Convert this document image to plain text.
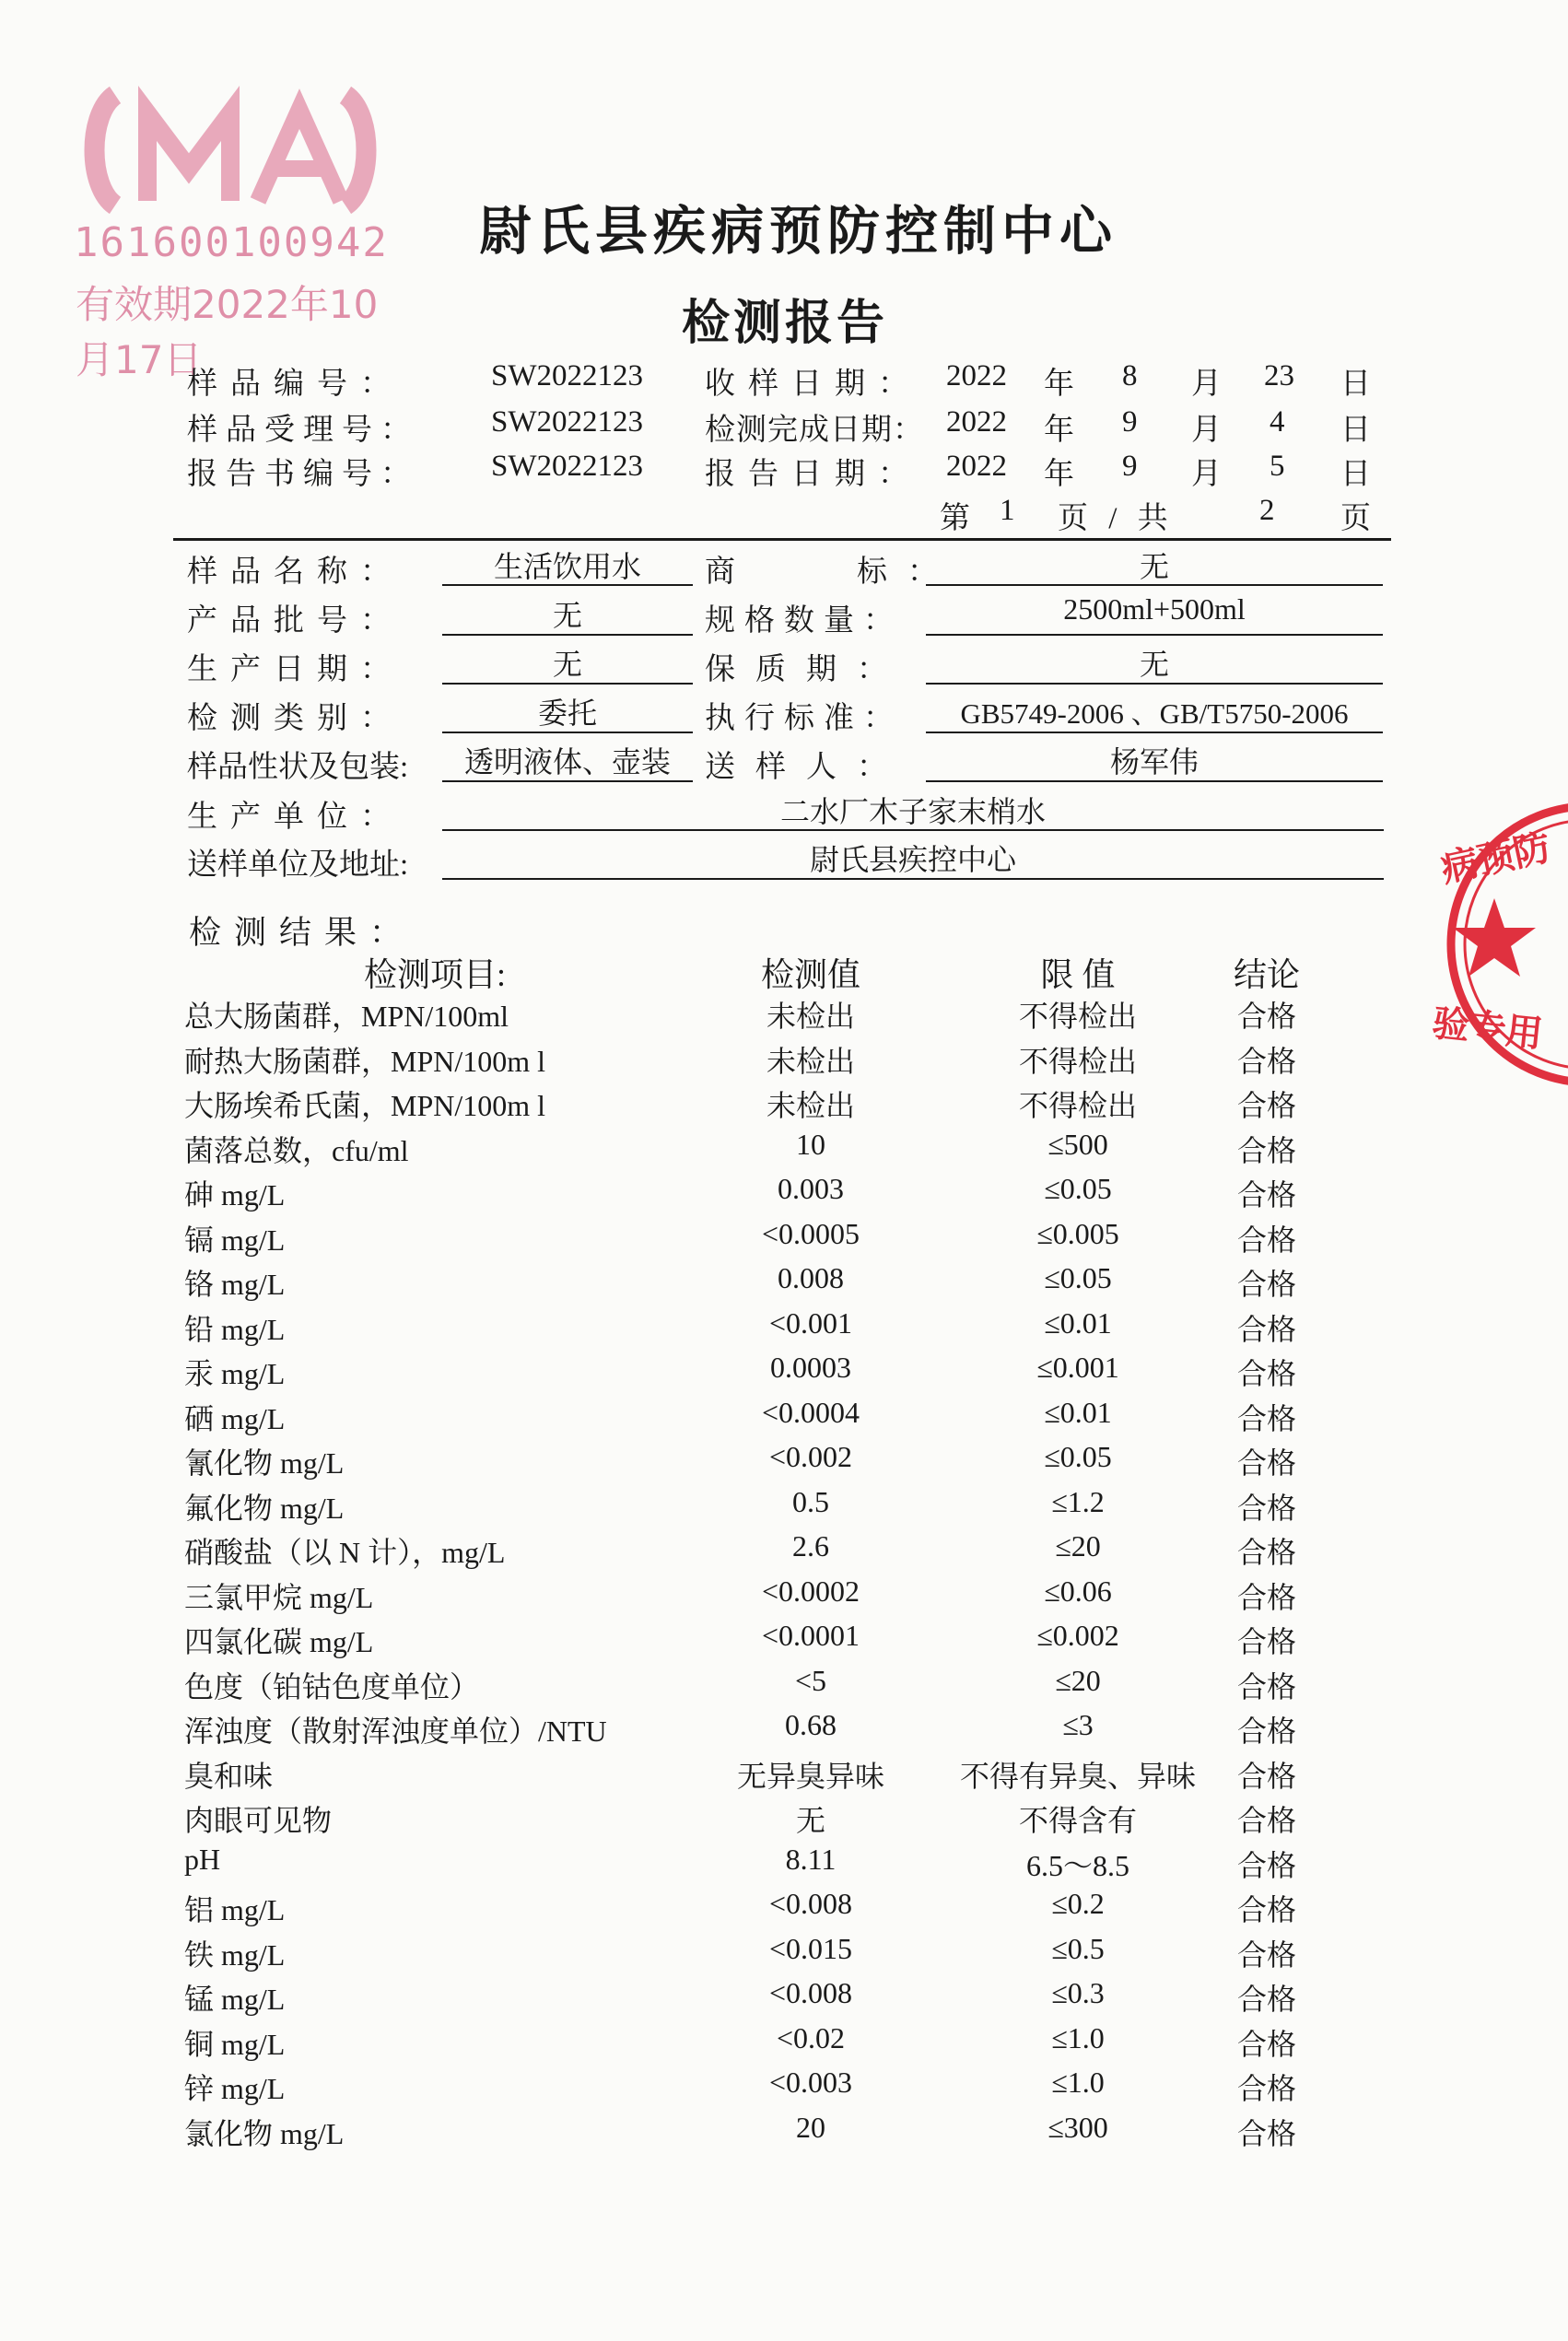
161600100942
有效期2022年10月17日
尉氏县疾病预防控制中心
检测报告
样品编号：	SW2022123 收样日期： 2022 年 8 月 23 日
样品受理号： SW2022123 检测完成日期： 2022 年 9 月 4 日
报告书编号： SW2022123 报告日期： 2022 年 9 月 5 日
第 1 页 / 共	2 页
样品名称：	生活饮用水	商　　标：	无
产品批号：	无	规格数量：	2500ml+500ml
生产日期：	无	保质期：	无
检测类别：	委托	执行标准：	GB5749-2006 、GB/T5750-2006
样品性状及包装:	透明液体、壶装	送样人：	杨军伟
生产单位：	二水厂木子家末梢水
送样单位及地址:	尉氏县疾控中心
检测结果：
检测项目:	检测值	限 值	结论
总大肠菌群，MPN/100ml	未检出	不得检出	合格
耐热大肠菌群，MPN/100m l	未检出	不得检出	合格
大肠埃希氏菌，MPN/100m l	未检出	不得检出	合格
菌落总数，cfu/ml	10	≤500	合格
砷 mg/L	0.003	≤0.05	合格
镉 mg/L	<0.0005	≤0.005	合格
铬 mg/L	0.008	≤0.05	合格
铅 mg/L	<0.001	≤0.01	合格
汞 mg/L	0.0003	≤0.001	合格
硒 mg/L	<0.0004	≤0.01	合格
氰化物 mg/L	<0.002	≤0.05	合格
氟化物 mg/L	0.5	≤1.2	合格
硝酸盐（以 N 计），mg/L	2.6	≤20	合格
三氯甲烷 mg/L	<0.0002	≤0.06	合格
四氯化碳 mg/L	<0.0001	≤0.002	合格
色度（铂钴色度单位）	<5	≤20	合格
浑浊度（散射浑浊度单位）/NTU	0.68	≤3	合格
臭和味	无异臭异味	不得有异臭、异味	合格
肉眼可见物	无	不得含有	合格
pH	8.11	6.5～8.5	合格
铝 mg/L	<0.008	≤0.2	合格
铁 mg/L	<0.015	≤0.5	合格
锰 mg/L	<0.008	≤0.3	合格
铜 mg/L	<0.02	≤1.0	合格
锌 mg/L	<0.003	≤1.0	合格
氯化物 mg/L	20	≤300	合格
病预防
验专用
